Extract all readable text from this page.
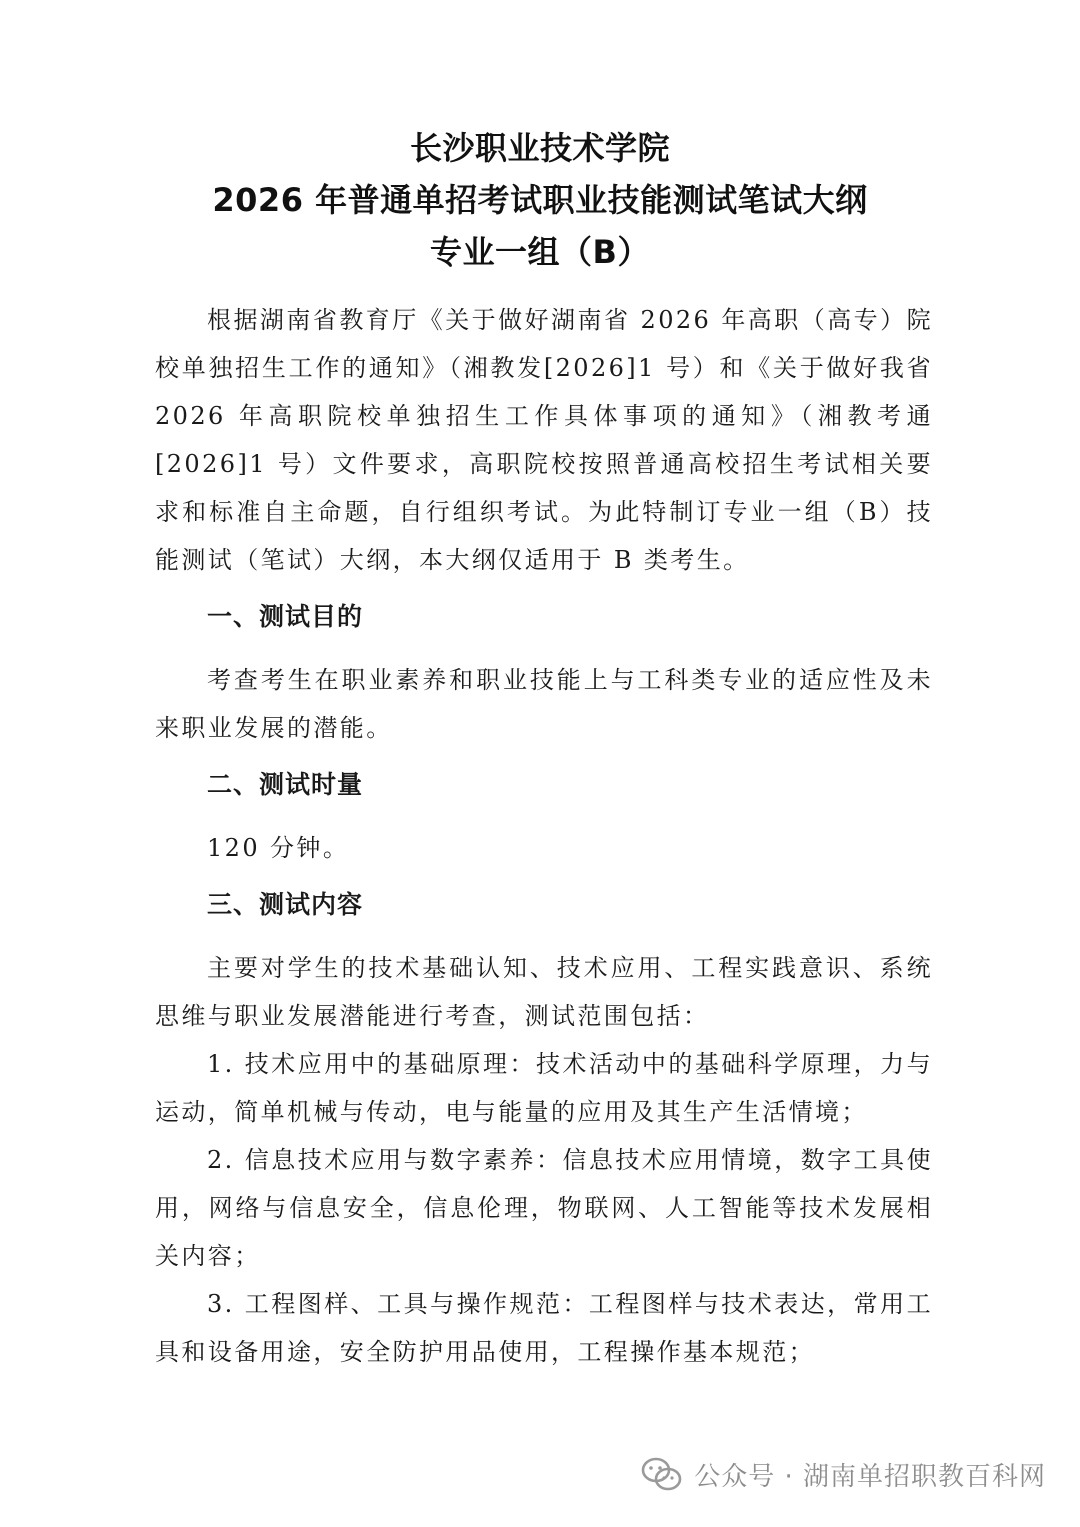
长沙职业技术学院
2026 年普通单招考试职业技能测试笔试大纲
专业一组（B）

根据湖南省教育厅《关于做好湖南省 2026 年高职（高专）院校单独招生工作的通知》（湘教发[2026]1 号）和《关于做好我省 2026 年高职院校单独招生工作具体事项的通知》（湘教考通[2026]1 号）文件要求，高职院校按照普通高校招生考试相关要求和标准自主命题，自行组织考试。为此特制订专业一组（B）技能测试（笔试）大纲，本大纲仅适用于 B 类考生。

一、测试目的

考查考生在职业素养和职业技能上与工科类专业的适应性及未来职业发展的潜能。

二、测试时量

120 分钟。

三、测试内容

主要对学生的技术基础认知、技术应用、工程实践意识、系统思维与职业发展潜能进行考查，测试范围包括：

1. 技术应用中的基础原理：技术活动中的基础科学原理，力与运动，简单机械与传动，电与能量的应用及其生产生活情境；

2. 信息技术应用与数字素养：信息技术应用情境，数字工具使用，网络与信息安全，信息伦理，物联网、人工智能等技术发展相关内容；

3. 工程图样、工具与操作规范：工程图样与技术表达，常用工具和设备用途，安全防护用品使用，工程操作基本规范；

公众号 · 湖南单招职教百科网
